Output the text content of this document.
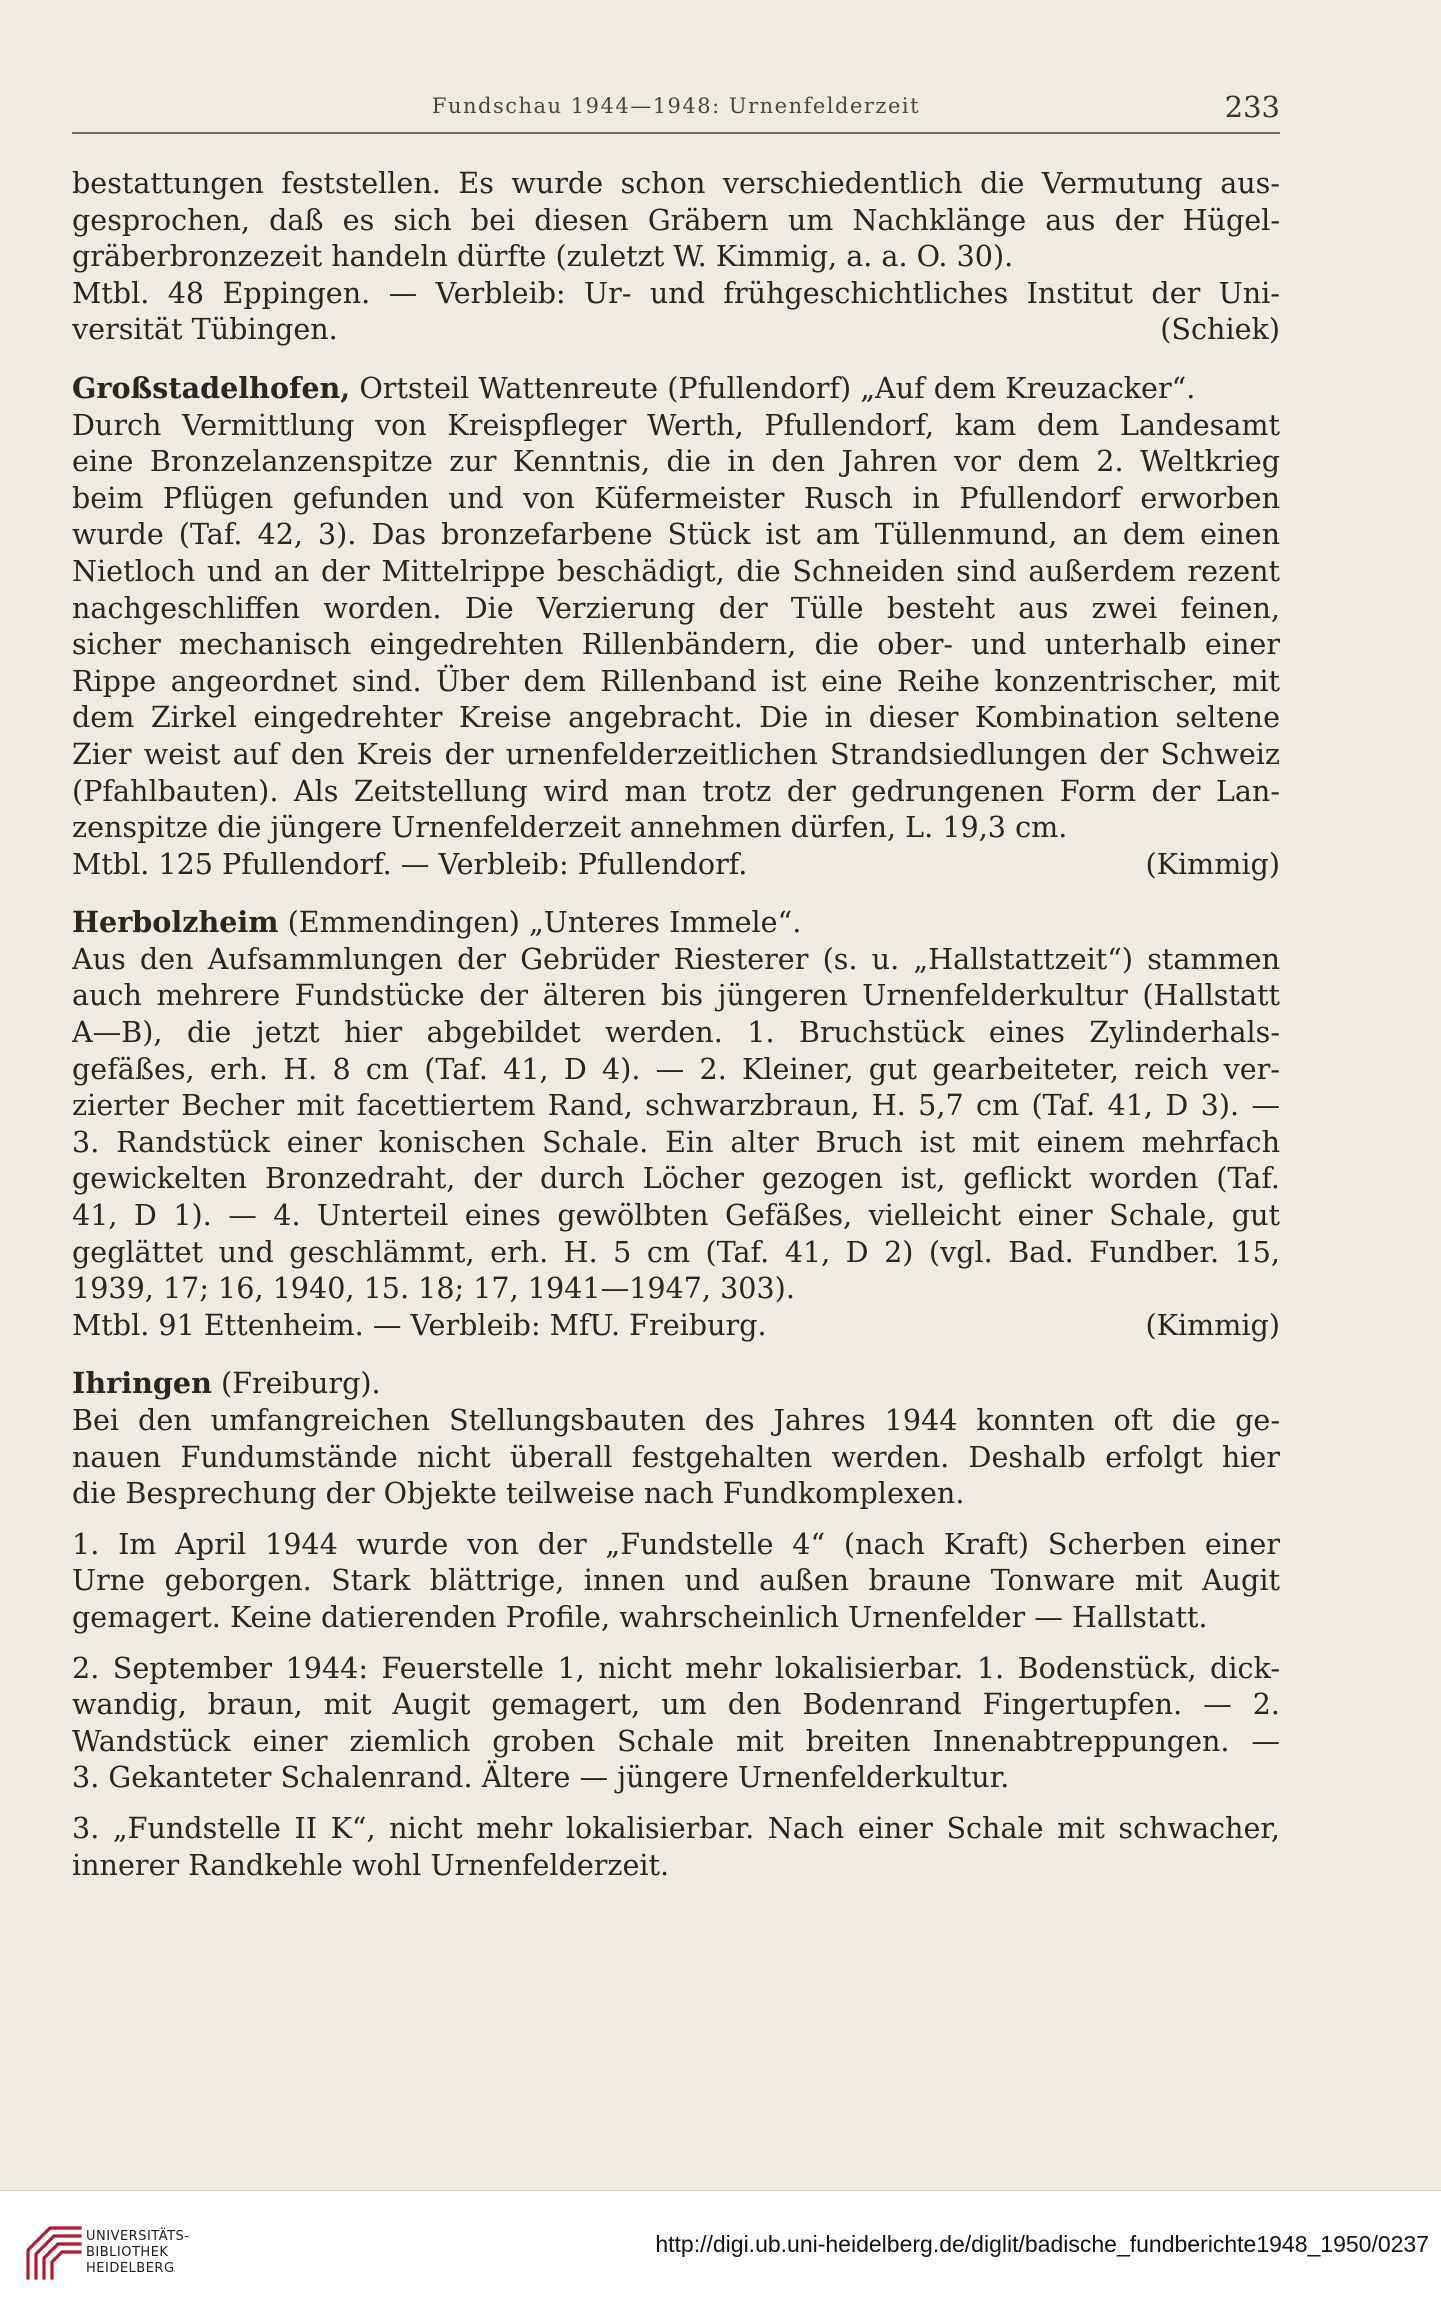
Fundschau 1944—1948: Urnenfelderzeit	233
bestattungen feststellen. Es wurde schon verschiedentlich die Vermutung aus-
gesprochen, daß es sich bei diesen Gräbern um Nachklänge aus der Hügel-
gräberbronzezeit handeln dürfte (zuletzt W. Kimmig, a. a. O. 30).
Mtbl. 48 Eppingen. — Verbleib: Ur- und frühgeschichtliches Institut der Uni-
versität Tübingen.	(Schiek)
Großstadelhofen, Ortsteil Wattenreute (Pfullendorf) „Auf dem Kreuzacker“.
Durch Vermittlung von Kreispfleger Werth, Pfullendorf, kam dem Landesamt
eine Bronzelanzenspitze zur Kenntnis, die in den Jahren vor dem 2. Weltkrieg
beim Pflügen gefunden und von Küfermeister Rusch in Pfullendorf erworben
wurde (Taf. 42, 3). Das bronzefarbene Stück ist am Tüllenmund, an dem einen
Nietloch und an der Mittelrippe beschädigt, die Schneiden sind außerdem rezent
nachgeschliffen worden. Die Verzierung der Tülle besteht aus zwei feinen,
sicher mechanisch eingedrehten Rillenbändern, die ober- und unterhalb einer
Rippe angeordnet sind. Über dem Rillenband ist eine Reihe konzentrischer, mit
dem Zirkel eingedrehter Kreise angebracht. Die in dieser Kombination seltene
Zier weist auf den Kreis der urnenfelderzeitlichen Strandsiedlungen der Schweiz
(Pfahlbauten). Als Zeitstellung wird man trotz der gedrungenen Form der Lan-
zenspitze die jüngere Urnenfelderzeit annehmen dürfen, L. 19,3 cm.
Mtbl. 125 Pfullendorf. — Verbleib: Pfullendorf.	(Kimmig)
Herbolzheim (Emmendingen) „Unteres Immele“.
Aus den Aufsammlungen der Gebrüder Riesterer (s. u. „Hallstattzeit“) stammen
auch mehrere Fundstücke der älteren bis jüngeren Urnenfelderkultur (Hallstatt
A—B), die jetzt hier abgebildet werden. 1. Bruchstück eines Zylinderhals-
gefäßes, erh. H. 8 cm (Taf. 41, D 4). — 2. Kleiner, gut gearbeiteter, reich ver-
zierter Becher mit facettiertem Rand, schwarzbraun, H. 5,7 cm (Taf. 41, D 3). —
3. Randstück einer konischen Schale. Ein alter Bruch ist mit einem mehrfach
gewickelten Bronzedraht, der durch Löcher gezogen ist, geflickt worden (Taf.
41, D 1). — 4. Unterteil eines gewölbten Gefäßes, vielleicht einer Schale, gut
geglättet und geschlämmt, erh. H. 5 cm (Taf. 41, D 2) (vgl. Bad. Fundber. 15,
1939, 17; 16, 1940, 15. 18; 17, 1941—1947, 303).
Mtbl. 91 Ettenheim. — Verbleib: MfU. Freiburg.	(Kimmig)
Ihringen (Freiburg).
Bei den umfangreichen Stellungsbauten des Jahres 1944 konnten oft die ge-
nauen Fundumstände nicht überall festgehalten werden. Deshalb erfolgt hier
die Besprechung der Objekte teilweise nach Fundkomplexen.
1. Im April 1944 wurde von der „Fundstelle 4“ (nach Kraft) Scherben einer
Urne geborgen. Stark blättrige, innen und außen braune Tonware mit Augit
gemagert. Keine datierenden Profile, wahrscheinlich Urnenfelder — Hallstatt.
2. September 1944: Feuerstelle 1, nicht mehr lokalisierbar. 1. Bodenstück, dick-
wandig, braun, mit Augit gemagert, um den Bodenrand Fingertupfen. — 2.
Wandstück einer ziemlich groben Schale mit breiten Innenabtreppungen. —
3. Gekanteter Schalenrand. Ältere — jüngere Urnenfelderkultur.
3. „Fundstelle II K“, nicht mehr lokalisierbar. Nach einer Schale mit schwacher,
innerer Randkehle wohl Urnenfelderzeit.
UNIVERSITÄTS-
BIBLIOTHEK
HEIDELBERG
http://digi.ub.uni-heidelberg.de/diglit/badische_fundberichte1948_1950/0237
